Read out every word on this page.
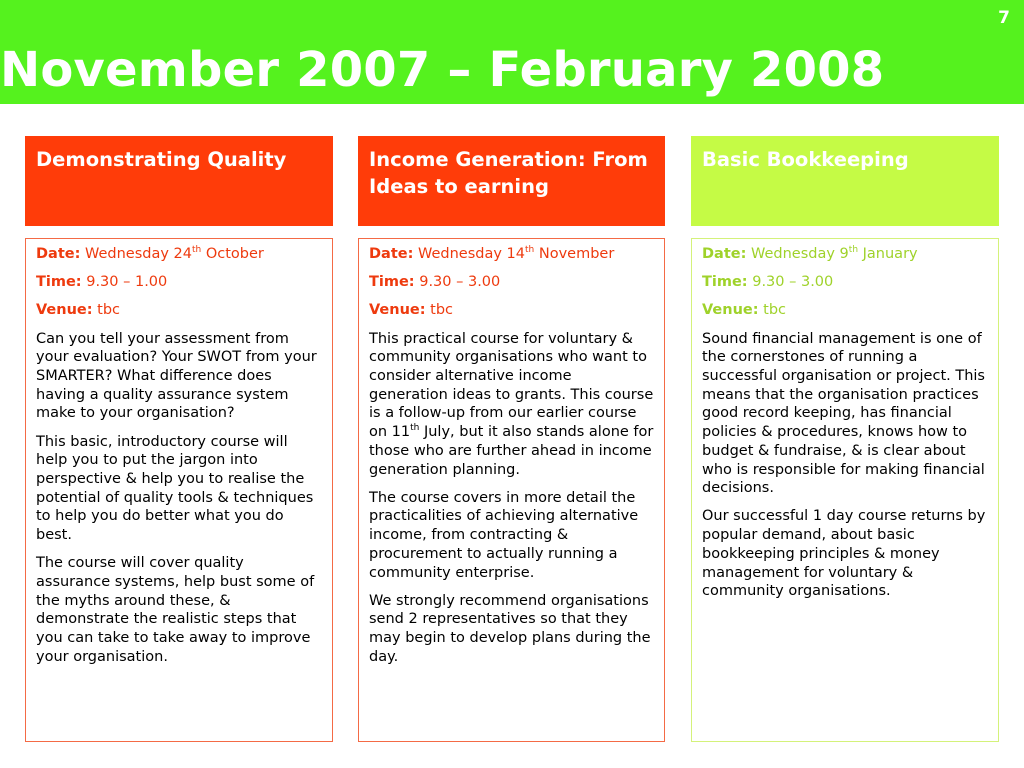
7
November 2007 – February 2008
Demonstrating Quality
Date: Wednesday 24th October
Time: 9.30 – 1.00
Venue: tbc

Can you tell your assessment from your evaluation? Your SWOT from your SMARTER? What difference does having a quality assurance system make to your organisation?

This basic, introductory course will help you to put the jargon into perspective & help you to realise the potential of quality tools & techniques to help you do better what you do best.

The course will cover quality assurance systems, help bust some of the myths around these, & demonstrate the realistic steps that you can take to take away to improve your organisation.

Income Generation: From Ideas to earning
Date: Wednesday 14th November
Time: 9.30 – 3.00
Venue: tbc

This practical course for voluntary & community organisations who want to consider alternative income generation ideas to grants. This course is a follow-up from our earlier course on 11th July, but it also stands alone for those who are further ahead in income generation planning.

The course covers in more detail the practicalities of achieving alternative income, from contracting & procurement to actually running a community enterprise.

We strongly recommend organisations send 2 representatives so that they may begin to develop plans during the day.

Basic Bookkeeping
Date: Wednesday 9th January
Time: 9.30 – 3.00
Venue: tbc

Sound financial management is one of the cornerstones of running a successful organisation or project. This means that the organisation practices good record keeping, has financial policies & procedures, knows how to budget & fundraise, & is clear about who is responsible for making financial decisions.

Our successful 1 day course returns by popular demand, about basic bookkeeping principles & money management for voluntary & community organisations.
